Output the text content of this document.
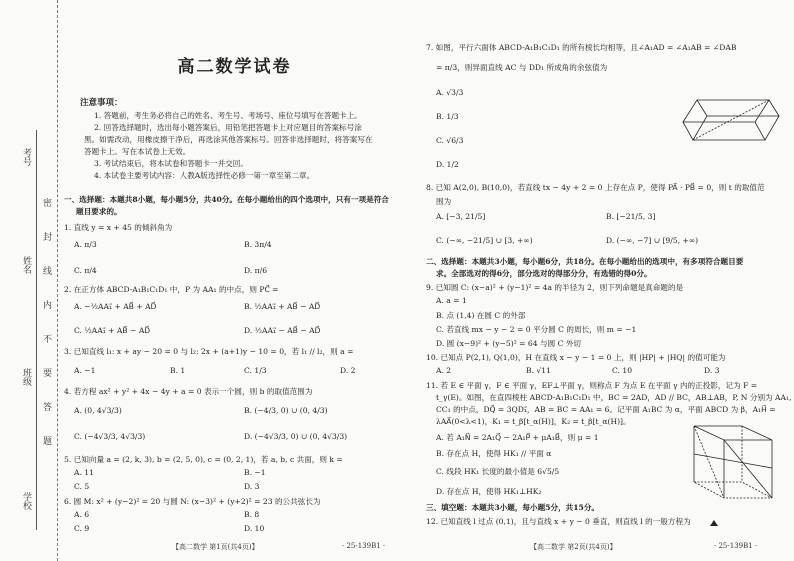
考号
姓名
班级
学校
密
封
线
内
不
要
答
题
高二数学试卷
注意事项：
1. 答题前，考生务必将自己的姓名、考生号、考场号、座位号填写在答题卡上。
2. 回答选择题时，选出每小题答案后，用铅笔把答题卡上对应题目的答案标号涂
黑。如需改动，用橡皮擦干净后，再选涂其他答案标号。回答非选择题时，将答案写在
答题卡上。写在本试卷上无效。
3. 考试结束后，将本试卷和答题卡一并交回。
4. 本试卷主要考试内容：人教A版选择性必修一第一章至第二章。
一、选择题：本题共8小题，每小题5分，共40分。在每小题给出的四个选项中，只有一项是符合
题目要求的。
1. 直线 y = x + 45 的倾斜角为
A. π/3	B. 3π/4
C. π/4	D. π/6
2. 在正方体 ABCD-A₁B₁C₁D₁ 中，P 为 AA₁ 的中点，则 PC⃗ =
A. −½AA₁⃗ + AB⃗ + AD⃗	B. ½AA₁⃗ + AB⃗ − AD⃗
C. ½AA₁⃗ + AB⃗ − AD⃗	D. ½AA₁⃗ − AB⃗ − AD⃗
3. 已知直线 l₁: x + ay − 20 = 0 与 l₂: 2x + (a+1)y − 10 = 0，若 l₁ // l₂，则 a =
A. −1	B. 1	C. 1/3	D. 2
4. 若方程 ax² + y² + 4x − 4y + a = 0 表示一个圆，则 b 的取值范围为
A. (0, 4√3/3)	B. (−4/3, 0) ∪ (0, 4/3)
C. (−4√3/3, 4√3/3)	D. (−4√3/3, 0) ∪ (0, 4√3/3)
5. 已知向量 a = (2, k, 3), b = (2, 5, 0), c = (0, 2, 1)，若 a, b, c 共面，则 k =
A. 11	B. −1
C. 5	D. 3
6. 圆 M: x² + (y−2)² = 20 与圆 N: (x−3)² + (y+2)² = 23 的公共弦长为
A. 6	B. 8
C. 9	D. 10
【高二数学 第1页(共4页)】	· 25-139B1 ·
7. 如图，平行六面体 ABCD-A₁B₁C₁D₁ 的所有棱长均相等，且∠A₁AD = ∠A₁AB = ∠DAB
= π/3，则异面直线 AC 与 DD₁ 所成角的余弦值为
A. √3/3
B. 1/3
C. √6/3
D. 1/2
8. 已知 A(2,0), B(10,0)，若直线 tx − 4y + 2 = 0 上存在点 P，使得 PA⃗ · PB⃗ = 0，则 t 的取值范
围为
A. [−3, 21/5]	B. [−21/5, 3]
C. (−∞, −21/5] ∪ [3, +∞)	D. (−∞, −7] ∪ [9/5, +∞)
二、选择题：本题共3小题，每小题6分，共18分。在每小题给出的选项中，有多项符合题目要
求。全部选对的得6分，部分选对的得部分分，有选错的得0分。
9. 已知圆 C: (x−a)² + (y−1)² = 4a 的半径为 2，则下列命题是真命题的是
A. a = 1
B. 点 (1,4) 在圆 C 的外部
C. 若直线 mx − y − 2 = 0 平分圆 C 的周长，则 m = −1
D. 圆 (x−9)² + (y−5)² = 64 与圆 C 外切
10. 已知点 P(2,1), Q(1,0)，H 在直线 x − y − 1 = 0 上，则 |HP| + |HQ| 的值可能为
A. 2	B. √11	C. 10	D. 3
11. 若 E ∈ 平面 γ，F ∈ 平面 γ，EF⊥平面 γ，则称点 F 为点 E 在平面 γ 内的正投影，记为 F =
t_γ(E)。如图，在直四棱柱 ABCD-A₁B₁C₁D₁ 中，BC = 2AD，AD // BC，AB⊥AB，P, N 分别为 AA₁,
CC₁ 的中点，DQ⃗ = 3QD₁⃗，AB = BC = AA₁ = 6。记平面 A₁BC 为 α，平面 ABCD 为 β，A₁H⃗ =
λAA⃗(0<λ<1)，K₁ = t_β[t_α(H)]，K₂ = t_β[t_α(H)]。
A. 若 A₁N⃗ = 2A₁Q⃗ − 2A₁P⃗ + μA₁B⃗，则 μ = 1
B. 存在点 H，使得 HK₁ // 平面 α
C. 线段 HK₁ 长度的最小值是 6√5/5
D. 存在点 H，使得 HK₁⊥HK₂
三、填空题：本题共3小题，每小题5分，共15分。
12. 已知直线 l 过点 (0,1)，且与直线 x + y − 0 垂直，则直线 l 的一般方程为
【高二数学 第2页(共4页)】	· 25-139B1 ·
